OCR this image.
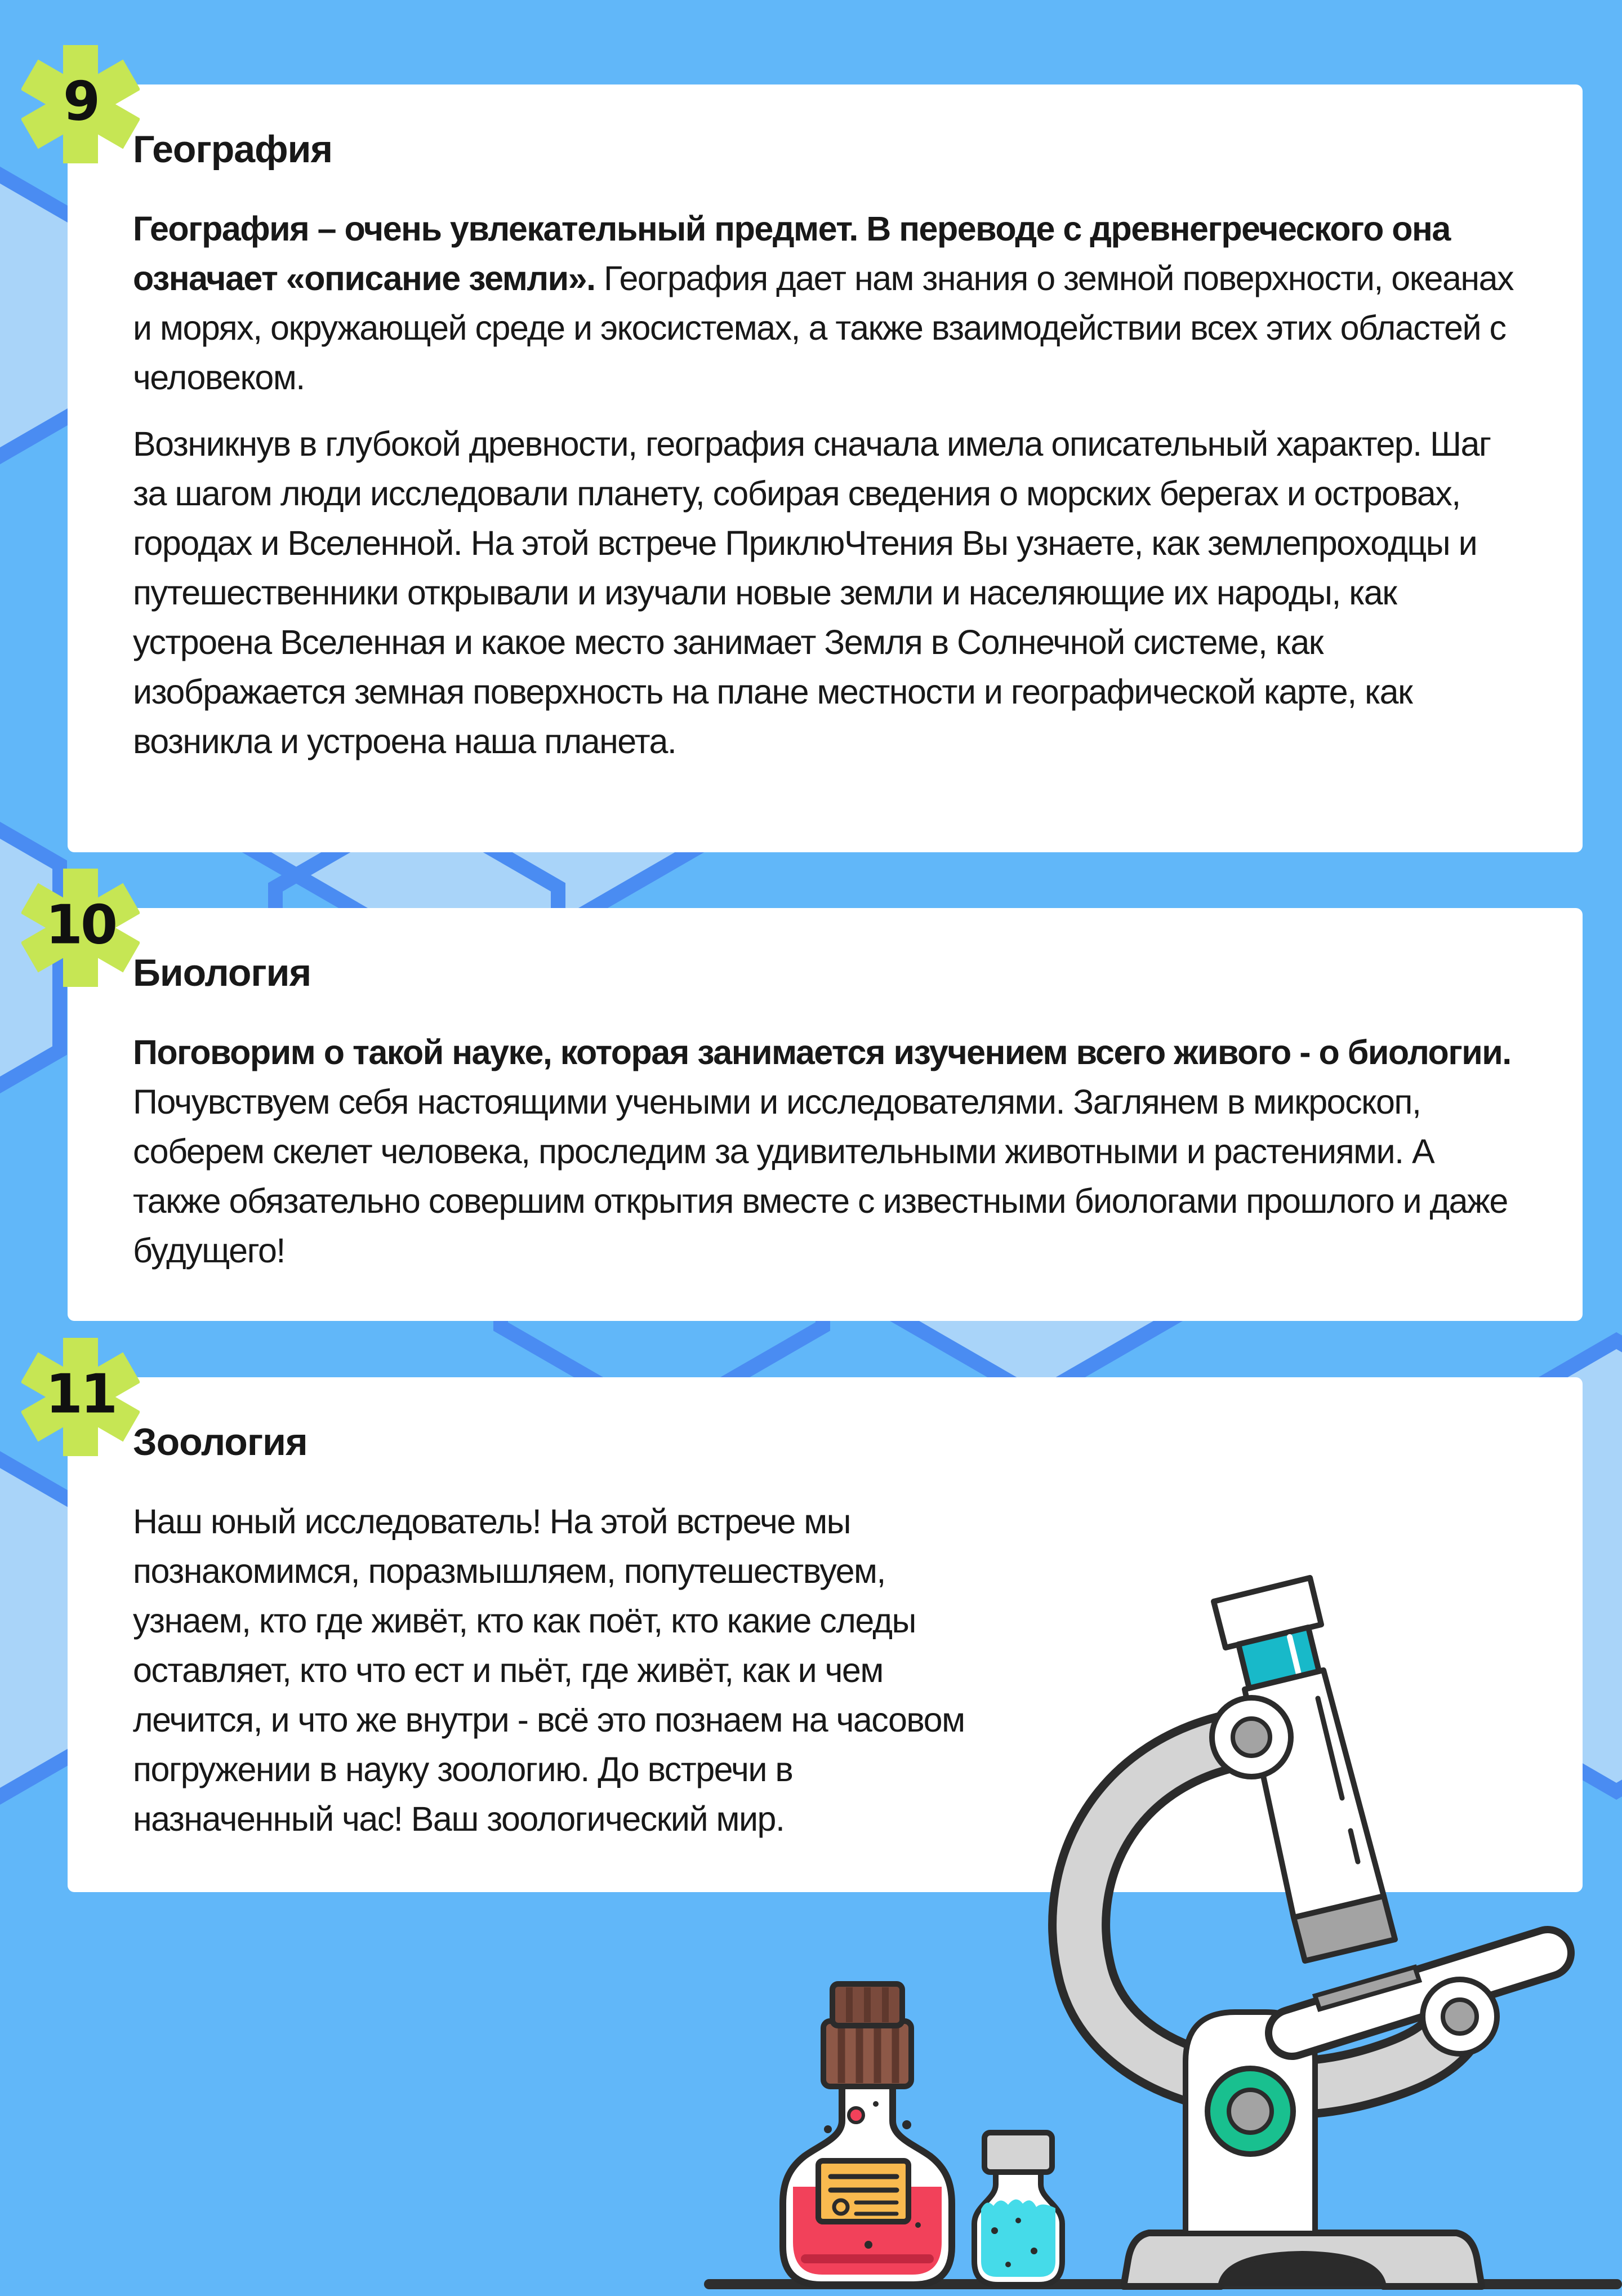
9
География

География – очень увлекательный предмет. В переводе с древнегреческого она означает «описание земли». География дает нам знания о земной поверхности, океанах и морях, окружающей среде и экосистемах, а также взаимодействии всех этих областей с человеком.

Возникнув в глубокой древности, география сначала имела описательный характер. Шаг за шагом люди исследовали планету, собирая сведения о морских берегах и островах, городах и Вселенной. На этой встрече ПриклюЧтения Вы узнаете, как землепроходцы и путешественники открывали и изучали новые земли и населяющие их народы, как устроена Вселенная и какое место занимает Земля в Солнечной системе, как изображается земная поверхность на плане местности и географической карте, как возникла и устроена наша планета.

10
Биология

Поговорим о такой науке, которая занимается изучением всего живого - о биологии. Почувствуем себя настоящими учеными и исследователями. Заглянем в микроскоп, соберем скелет человека, проследим за удивительными животными и растениями. А также обязательно совершим открытия вместе с известными биологами прошлого и даже будущего!

11
Зоология

Наш юный исследователь! На этой встрече мы познакомимся, поразмышляем, попутешествуем, узнаем, кто где живёт, кто как поёт, кто какие следы оставляет, кто что ест и пьёт, где живёт, как и чем лечится, и что же внутри - всё это познаем на часовом погружении в науку зоологию. До встречи в назначенный час! Ваш зоологический мир.
